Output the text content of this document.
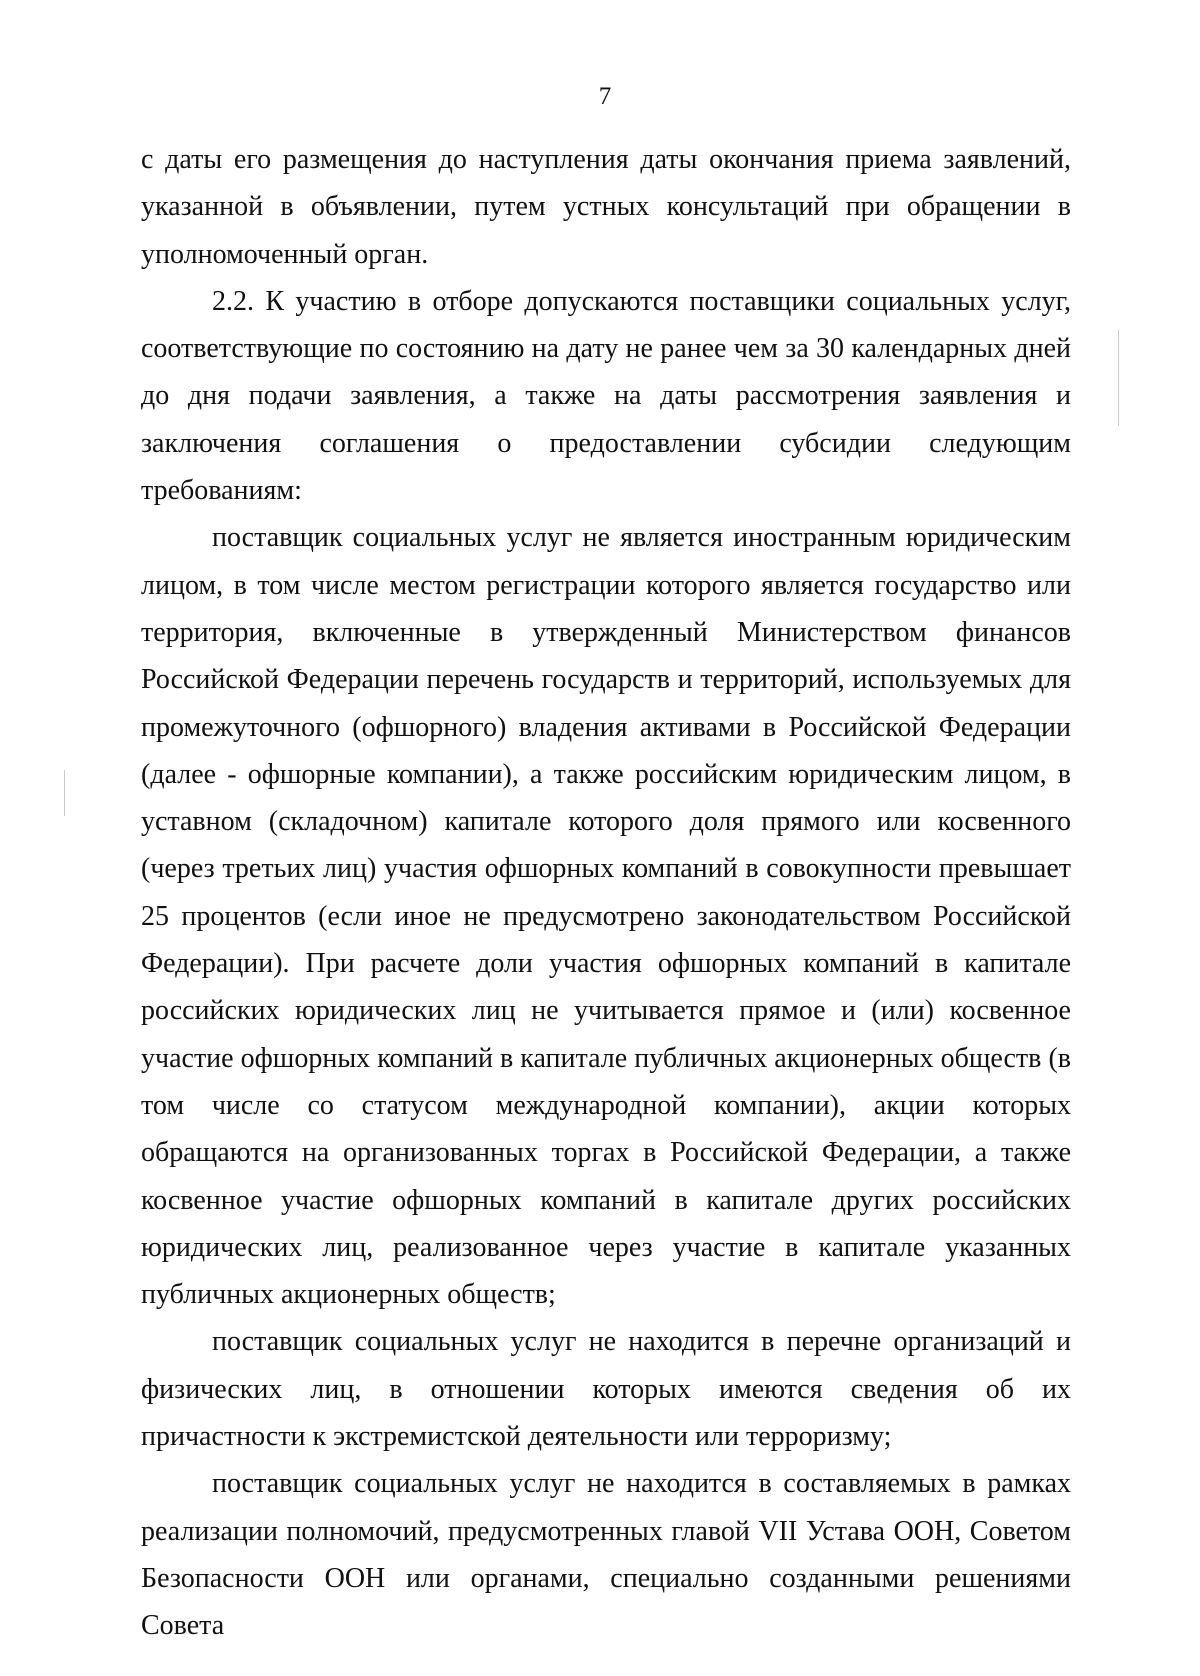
7

с даты его размещения до наступления даты окончания приема заявлений, указанной в объявлении, путем устных консультаций при обращении в уполномоченный орган.

2.2. К участию в отборе допускаются поставщики социальных услуг, соответствующие по состоянию на дату не ранее чем за 30 календарных дней до дня подачи заявления, а также на даты рассмотрения заявления и заключения соглашения о предоставлении субсидии следующим требованиям:

поставщик социальных услуг не является иностранным юридическим лицом, в том числе местом регистрации которого является государство или территория, включенные в утвержденный Министерством финансов Российской Федерации перечень государств и территорий, используемых для промежуточного (офшорного) владения активами в Российской Федерации (далее - офшорные компании), а также российским юридическим лицом, в уставном (складочном) капитале которого доля прямого или косвенного (через третьих лиц) участия офшорных компаний в совокупности превышает 25 процентов (если иное не предусмотрено законодательством Российской Федерации). При расчете доли участия офшорных компаний в капитале российских юридических лиц не учитывается прямое и (или) косвенное участие офшорных компаний в капитале публичных акционерных обществ (в том числе со статусом международной компании), акции которых обращаются на организованных торгах в Российской Федерации, а также косвенное участие офшорных компаний в капитале других российских юридических лиц, реализованное через участие в капитале указанных публичных акционерных обществ;

поставщик социальных услуг не находится в перечне организаций и физических лиц, в отношении которых имеются сведения об их причастности к экстремистской деятельности или терроризму;

поставщик социальных услуг не находится в составляемых в рамках реализации полномочий, предусмотренных главой VII Устава ООН, Советом Безопасности ООН или органами, специально созданными решениями Совета
